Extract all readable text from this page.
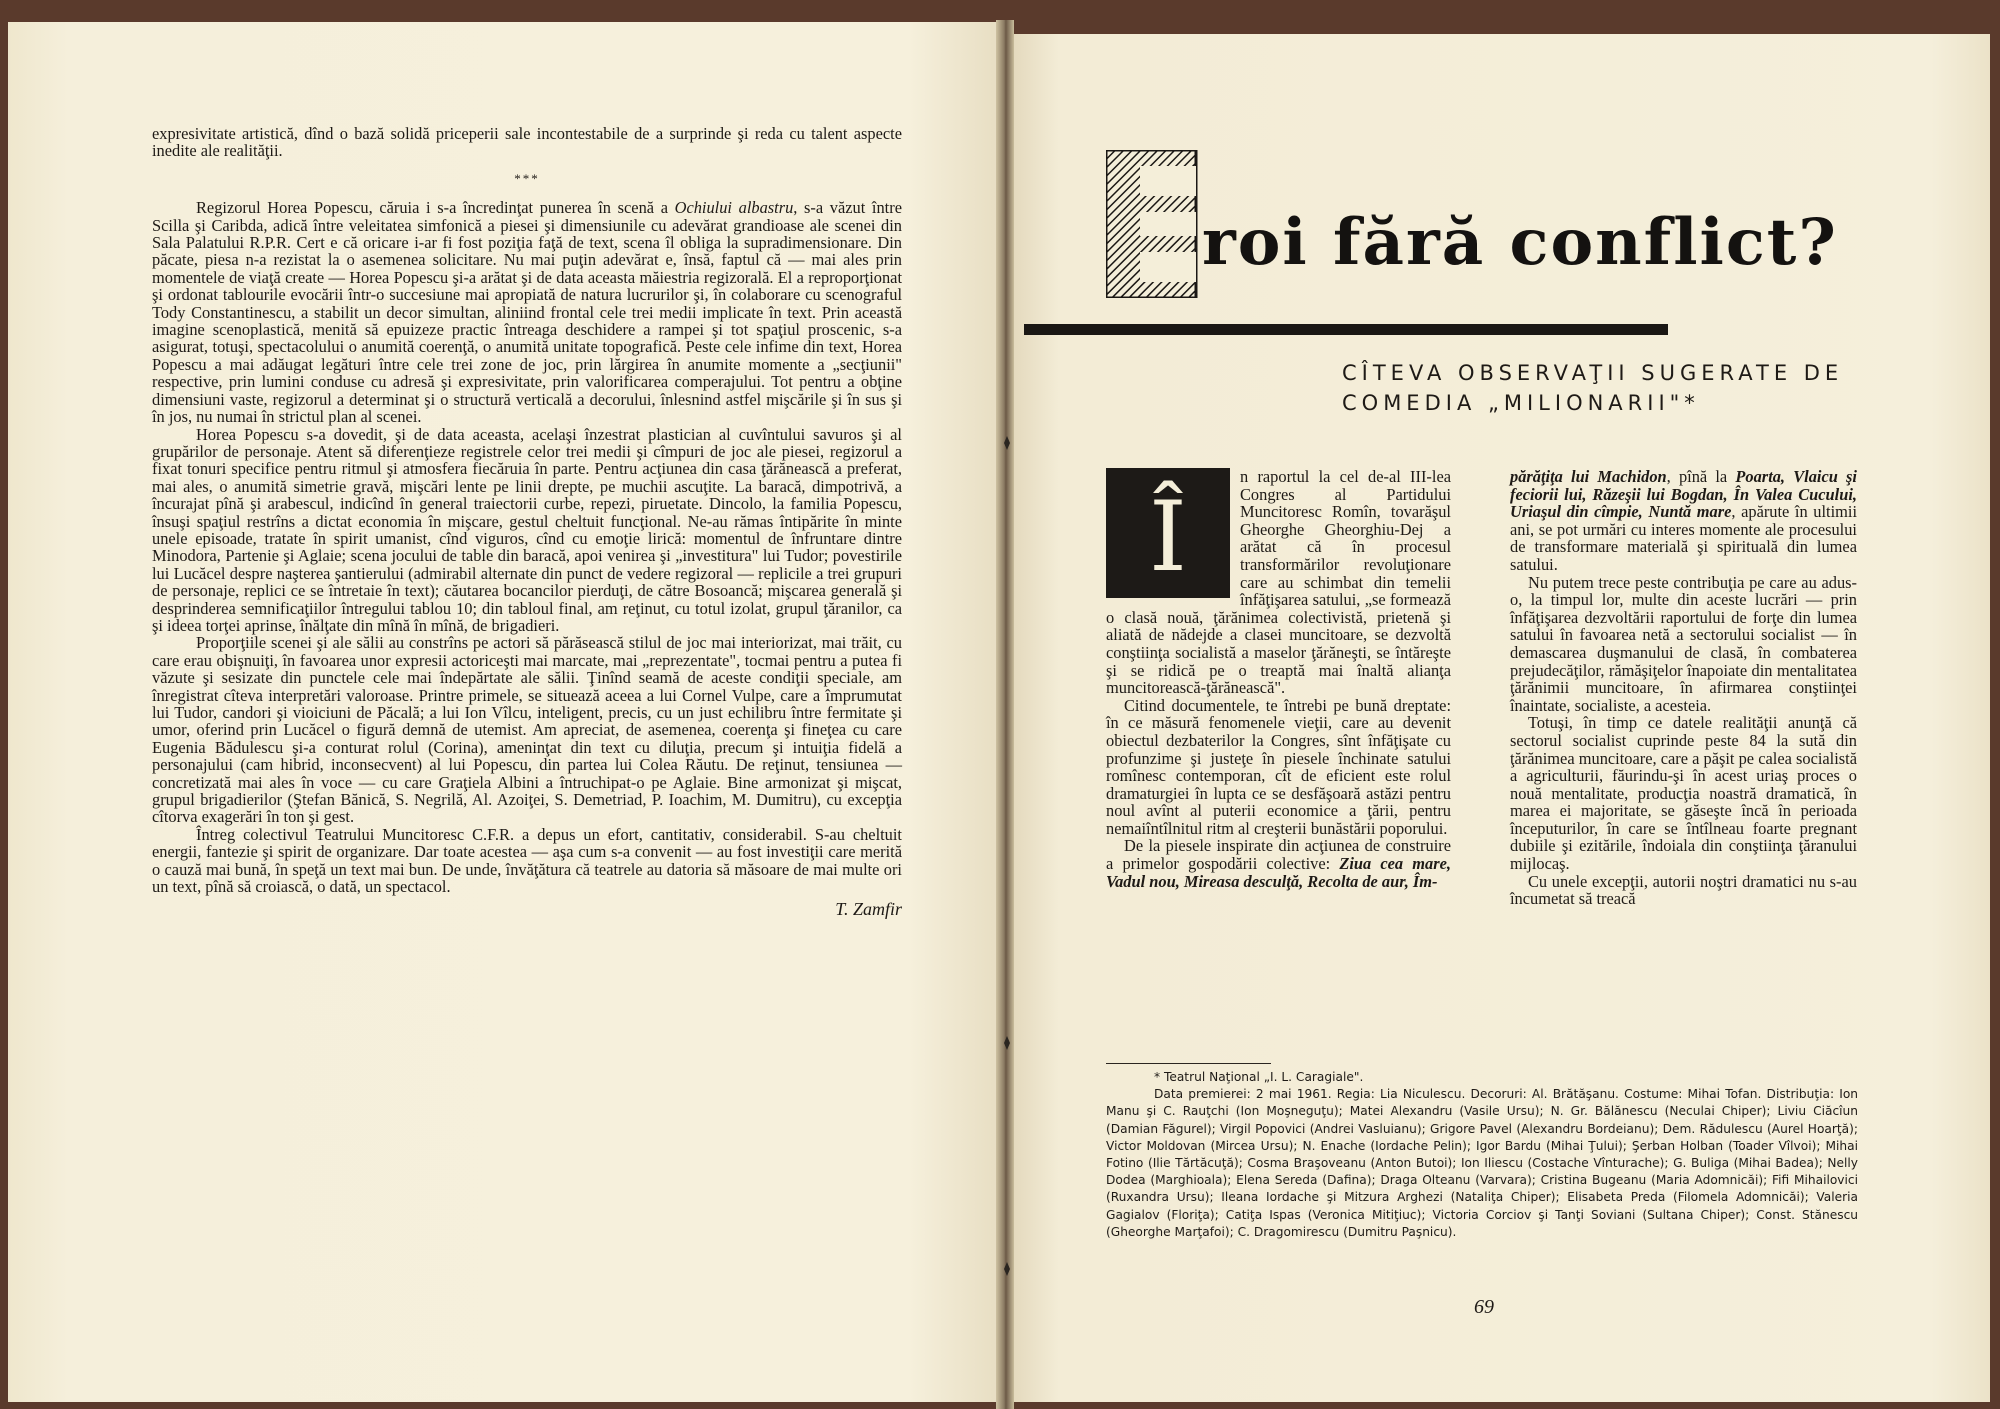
expresivitate artistică, dînd o bază solidă priceperii sale incontestabile de a surprinde şi reda cu talent aspecte inedite ale realităţii.

***

Regizorul Horea Popescu, căruia i s-a încredinţat punerea în scenă a Ochiului albastru, s-a văzut între Scilla şi Caribda, adică între veleitatea simfonică a piesei şi dimensiunile cu adevărat grandioase ale scenei din Sala Palatului R.P.R. Cert e că oricare i-ar fi fost poziţia faţă de text, scena îl obliga la supradimensionare. Din păcate, piesa n-a rezistat la o asemenea solicitare. Nu mai puţin adevărat e, însă, faptul că — mai ales prin momentele de viaţă create — Horea Popescu şi-a arătat şi de data aceasta măiestria regizorală. El a reproporţionat şi ordonat tablourile evocării într-o succesiune mai apropiată de natura lucrurilor şi, în colaborare cu scenograful Tody Constantinescu, a stabilit un decor simultan, aliniind frontal cele trei medii implicate în text. Prin această imagine scenoplastică, menită să epuizeze practic întreaga deschidere a rampei şi tot spaţiul proscenic, s-a asigurat, totuşi, spectacolului o anumită coerenţă, o anumită unitate topografică. Peste cele infime din text, Horea Popescu a mai adăugat legături între cele trei zone de joc, prin lărgirea în anumite momente a „secţiunii" respective, prin lumini conduse cu adresă şi expresivitate, prin valorificarea comperajului. Tot pentru a obţine dimensiuni vaste, regizorul a determinat şi o structură verticală a decorului, înlesnind astfel mişcările şi în sus şi în jos, nu numai în strictul plan al scenei.

Horea Popescu s-a dovedit, şi de data aceasta, acelaşi înzestrat plastician al cuvîntului savuros şi al grupărilor de personaje. Atent să diferenţieze registrele celor trei medii şi cîmpuri de joc ale piesei, regizorul a fixat tonuri specifice pentru ritmul şi atmosfera fiecăruia în parte. Pentru acţiunea din casa ţărănească a preferat, mai ales, o anumită simetrie gravă, mişcări lente pe linii drepte, pe muchii ascuţite. La baracă, dimpotrivă, a încurajat pînă şi arabescul, indicînd în general traiectorii curbe, repezi, piruetate. Dincolo, la familia Popescu, însuşi spaţiul restrîns a dictat economia în mişcare, gestul cheltuit funcţional. Ne-au rămas întipărite în minte unele episoade, tratate în spirit umanist, cînd viguros, cînd cu emoţie lirică: momentul de înfruntare dintre Minodora, Partenie şi Aglaie; scena jocului de table din baracă, apoi venirea şi „investitura" lui Tudor; povestirile lui Lucăcel despre naşterea şantierului (admirabil alternate din punct de vedere regizoral — replicile a trei grupuri de personaje, replici ce se întretaie în text); căutarea bocancilor pierduţi, de către Bosoancă; mişcarea generală şi desprinderea semnificaţiilor întregului tablou 10; din tabloul final, am reţinut, cu totul izolat, grupul ţăranilor, ca şi ideea torţei aprinse, înălţate din mînă în mînă, de brigadieri.

Proporţiile scenei şi ale sălii au constrîns pe actori să părăsească stilul de joc mai interiorizat, mai trăit, cu care erau obişnuiţi, în favoarea unor expresii actoriceşti mai marcate, mai „reprezentate", tocmai pentru a putea fi văzute şi sesizate din punctele cele mai îndepărtate ale sălii. Ţinînd seamă de aceste condiţii speciale, am înregistrat cîteva interpretări valoroase. Printre primele, se situează aceea a lui Cornel Vulpe, care a împrumutat lui Tudor, candori şi vioiciuni de Păcală; a lui Ion Vîlcu, inteligent, precis, cu un just echilibru între fermitate şi umor, oferind prin Lucăcel o figură demnă de utemist. Am apreciat, de asemenea, coerenţa şi fineţea cu care Eugenia Bădulescu şi-a conturat rolul (Corina), ameninţat din text cu diluţia, precum şi intuiţia fidelă a personajului (cam hibrid, inconsecvent) al lui Popescu, din partea lui Colea Răutu. De reţinut, tensiunea — concretizată mai ales în voce — cu care Graţiela Albini a întruchipat-o pe Aglaie. Bine armonizat şi mişcat, grupul brigadierilor (Ştefan Bănică, S. Negrilă, Al. Azoiţei, S. Demetriad, P. Ioachim, M. Dumitru), cu excepţia cîtorva exagerări în ton şi gest.

Întreg colectivul Teatrului Muncitoresc C.F.R. a depus un efort, cantitativ, considerabil. S-au cheltuit energii, fantezie şi spirit de organizare. Dar toate acestea — aşa cum s-a convenit — au fost investiţii care merită o cauză mai bună, în speţă un text mai bun. De unde, învăţătura că teatrele au datoria să măsoare de mai multe ori un text, pînă să croiască, o dată, un spectacol.

T. Zamfir
roi fără conflict?
CÎTEVA OBSERVAŢII SUGERATE DE
COMEDIA „MILIONARII"*
Î

n raportul la cel de-al III-lea Congres al Partidului Muncitoresc Romîn, tovarăşul Gheorghe Gheorghiu-Dej a arătat că în procesul transformărilor revoluţionare care au schimbat din temelii înfăţişarea satului, „se formează o clasă nouă, ţărănimea colectivistă, prietenă şi aliată de nădejde a clasei muncitoare, se dezvoltă conştiinţa socialistă a maselor ţărăneşti, se întăreşte şi se ridică pe o treaptă mai înaltă alianţa muncitorească-ţărănească".

Citind documentele, te întrebi pe bună dreptate: în ce măsură fenomenele vieţii, care au devenit obiectul dezbaterilor la Congres, sînt înfăţişate cu profunzime şi justeţe în piesele închinate satului romînesc contemporan, cît de eficient este rolul dramaturgiei în lupta ce se desfăşoară astăzi pentru noul avînt al puterii economice a ţării, pentru nemaiîntîlnitul ritm al creşterii bunăstării poporului.

De la piesele inspirate din acţiunea de construire a primelor gospodării colective: Ziua cea mare, Vadul nou, Mireasa desculţă, Recolta de aur, Îm-

părăţiţa lui Machidon, pînă la Poarta, Vlaicu şi feciorii lui, Răzeşii lui Bogdan, În Valea Cucului, Uriaşul din cîmpie, Nuntă mare, apărute în ultimii ani, se pot urmări cu interes momente ale procesului de transformare materială şi spirituală din lumea satului.

Nu putem trece peste contribuţia pe care au adus-o, la timpul lor, multe din aceste lucrări — prin înfăţişarea dezvoltării raportului de forţe din lumea satului în favoarea netă a sectorului socialist — în demascarea duşmanului de clasă, în combaterea prejudecăţilor, rămăşiţelor înapoiate din mentalitatea ţărănimii muncitoare, în afirmarea conştiinţei înaintate, socialiste, a acesteia.

Totuşi, în timp ce datele realităţii anunţă că sectorul socialist cuprinde peste 84 la sută din ţărănimea muncitoare, care a păşit pe calea socialistă a agriculturii, făurindu-şi în acest uriaş proces o nouă mentalitate, producţia noastră dramatică, în marea ei majoritate, se găseşte încă în perioada începuturilor, în care se întîlneau foarte pregnant dubiile şi ezitările, îndoiala din conştiinţa ţăranului mijlocaş.

Cu unele excepţii, autorii noştri dramatici nu s-au încumetat să treacă

* Teatrul Naţional „I. L. Caragiale".

Data premierei: 2 mai 1961. Regia: Lia Niculescu. Decoruri: Al. Brătăşanu. Costume: Mihai Tofan. Distribuţia: Ion Manu şi C. Rauţchi (Ion Moşneguţu); Matei Alexandru (Vasile Ursu); N. Gr. Bălănescu (Neculai Chiper); Liviu Ciăcîun (Damian Făgurel); Virgil Popovici (Andrei Vasluianu); Grigore Pavel (Alexandru Bordeianu); Dem. Rădulescu (Aurel Hoarţă); Victor Moldovan (Mircea Ursu); N. Enache (Iordache Pelin); Igor Bardu (Mihai Ţului); Şerban Holban (Toader Vîlvoi); Mihai Fotino (Ilie Tărtăcuţă); Cosma Braşoveanu (Anton Butoi); Ion Iliescu (Costache Vînturache); G. Buliga (Mihai Badea); Nelly Dodea (Marghioala); Elena Sereda (Dafina); Draga Olteanu (Varvara); Cristina Bugeanu (Maria Adomnicăi); Fifi Mihailovici (Ruxandra Ursu); Ileana Iordache şi Mitzura Arghezi (Nataliţa Chiper); Elisabeta Preda (Filomela Adomnicăi); Valeria Gagialov (Floriţa); Catiţa Ispas (Veronica Mitiţiuc); Victoria Corciov şi Tanţi Soviani (Sultana Chiper); Const. Stănescu (Gheorghe Marţafoi); C. Dragomirescu (Dumitru Paşnicu).

69
